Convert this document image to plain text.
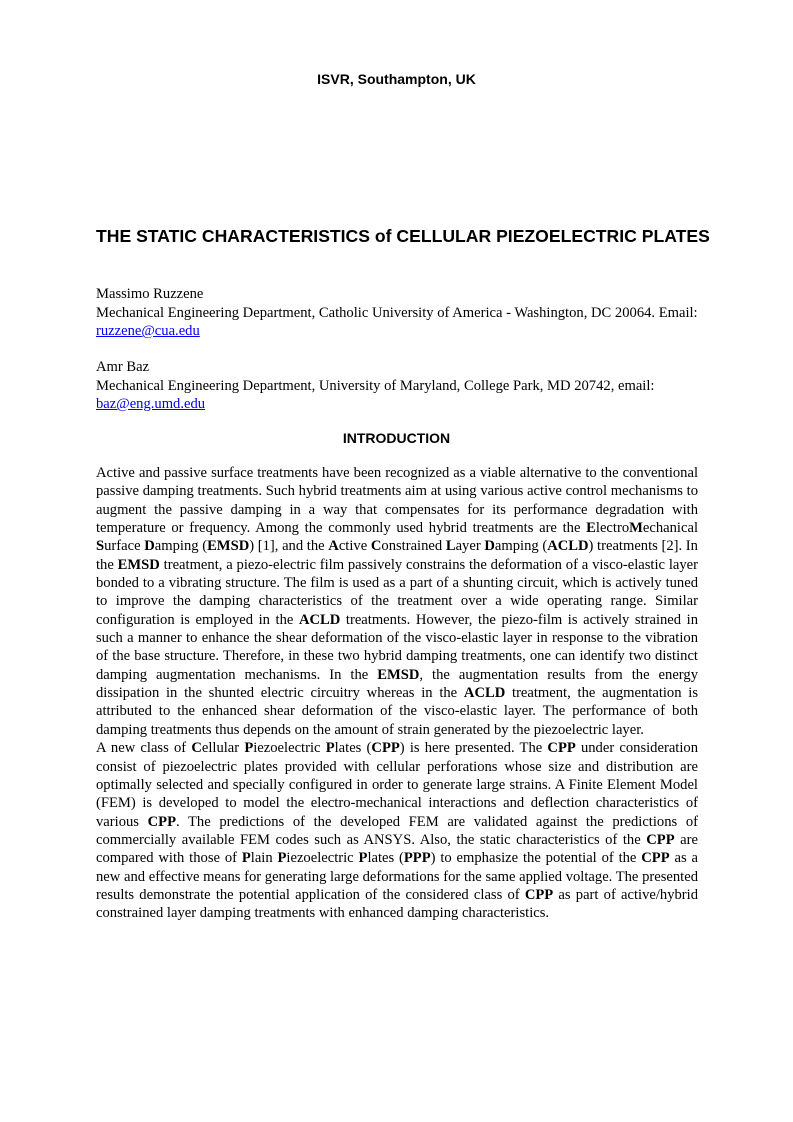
ISVR, Southampton, UK
THE STATIC CHARACTERISTICS of CELLULAR PIEZOELECTRIC PLATES
Massimo Ruzzene
Mechanical Engineering Department, Catholic University of America - Washington, DC 20064. Email: ruzzene@cua.edu
Amr Baz
Mechanical Engineering Department, University of Maryland, College Park, MD 20742, email: baz@eng.umd.edu
INTRODUCTION

Active and passive surface treatments have been recognized as a viable alternative to the conventional passive damping treatments. Such hybrid treatments aim at using various active control mechanisms to augment the passive damping in a way that compensates for its performance degradation with temperature or frequency. Among the commonly used hybrid treatments are the ElectroMechanical Surface Damping (EMSD) [1], and the Active Constrained Layer Damping (ACLD) treatments [2]. In the EMSD treatment, a piezo-electric film passively constrains the deformation of a visco-elastic layer bonded to a vibrating structure. The film is used as a part of a shunting circuit, which is actively tuned to improve the damping characteristics of the treatment over a wide operating range. Similar configuration is employed in the ACLD treatments. However, the piezo-film is actively strained in such a manner to enhance the shear deformation of the visco-elastic layer in response to the vibration of the base structure. Therefore, in these two hybrid damping treatments, one can identify two distinct damping augmentation mechanisms. In the EMSD, the augmentation results from the energy dissipation in the shunted electric circuitry whereas in the ACLD treatment, the augmentation is attributed to the enhanced shear deformation of the visco-elastic layer. The performance of both damping treatments thus depends on the amount of strain generated by the piezoelectric layer.

A new class of Cellular Piezoelectric Plates (CPP) is here presented. The CPP under consideration consist of piezoelectric plates provided with cellular perforations whose size and distribution are optimally selected and specially configured in order to generate large strains. A Finite Element Model (FEM) is developed to model the electro-mechanical interactions and deflection characteristics of various CPP. The predictions of the developed FEM are validated against the predictions of commercially available FEM codes such as ANSYS. Also, the static characteristics of the CPP are compared with those of Plain Piezoelectric Plates (PPP) to emphasize the potential of the CPP as a new and effective means for generating large deformations for the same applied voltage. The presented results demonstrate the potential application of the considered class of CPP as part of active/hybrid constrained layer damping treatments with enhanced damping characteristics.
